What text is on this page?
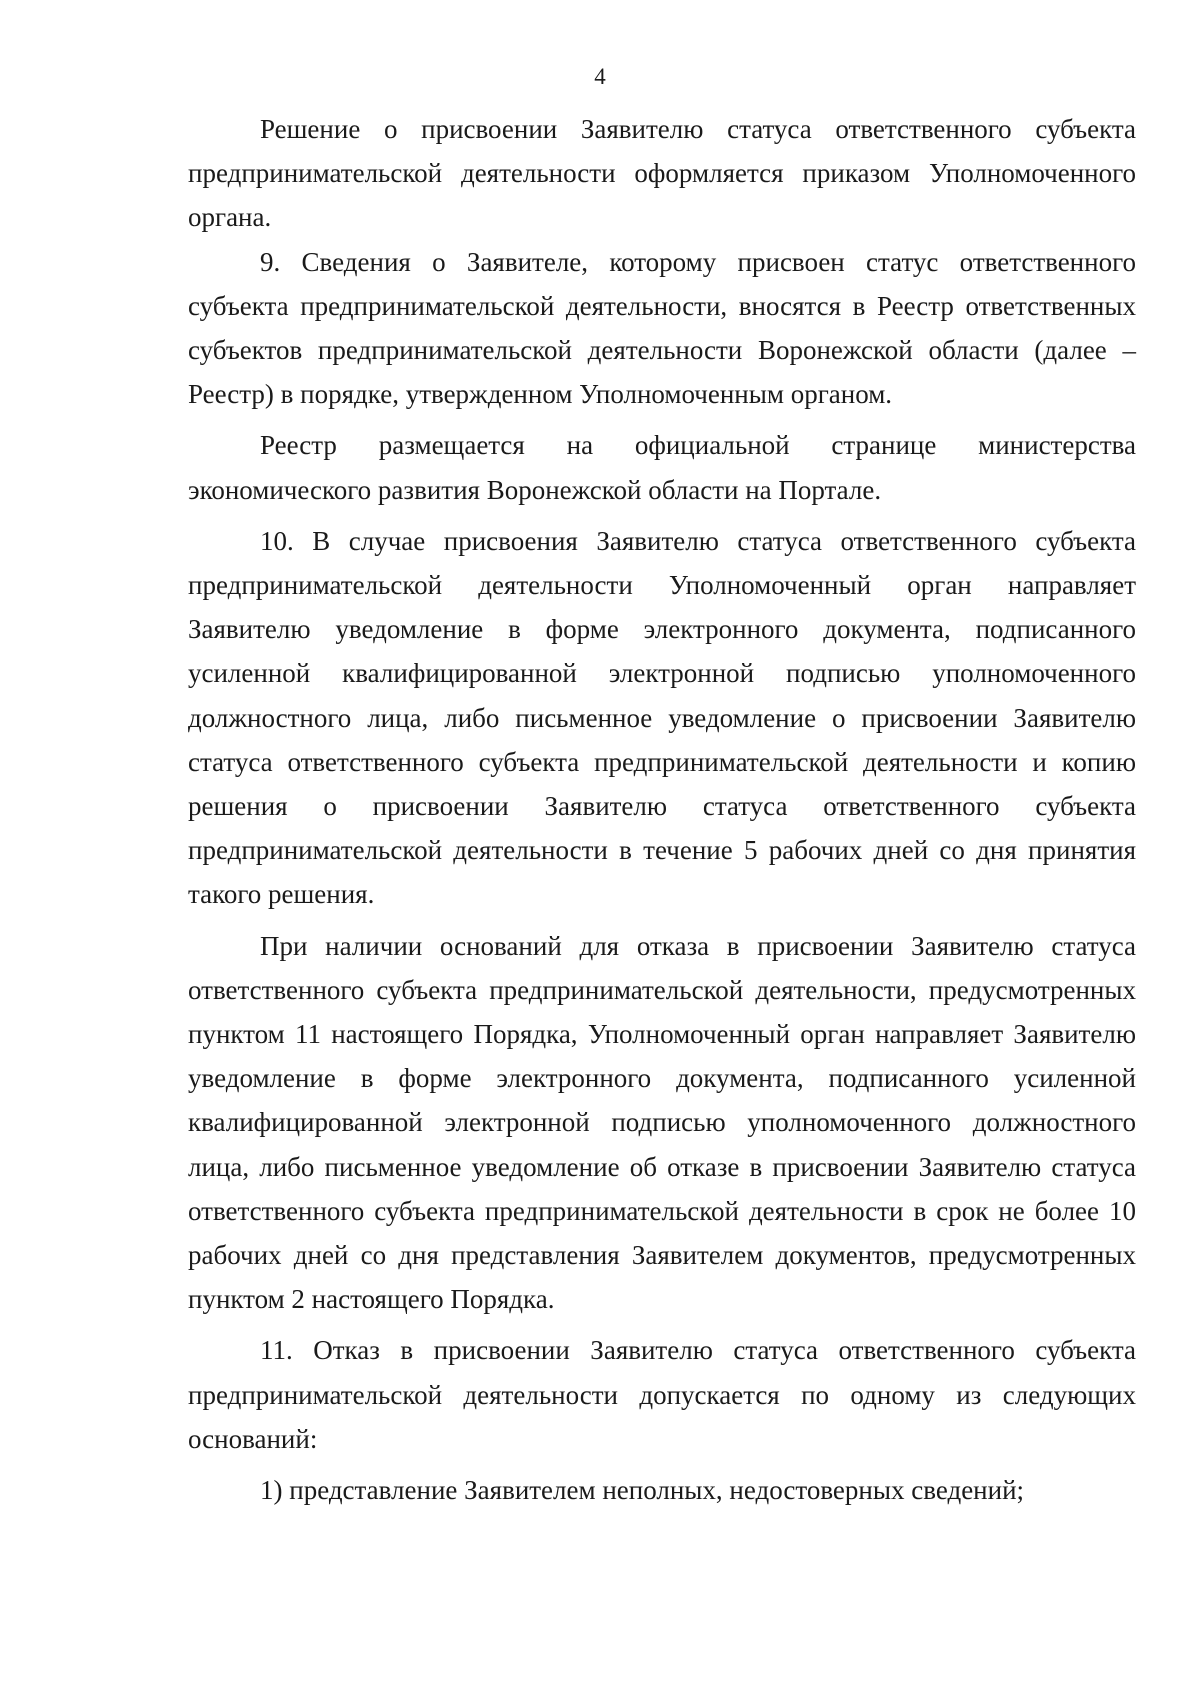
4

Решение о присвоении Заявителю статуса ответственного субъекта предпринимательской деятельности оформляется приказом Уполномоченного органа.

9. Сведения о Заявителе, которому присвоен статус ответственного субъекта предпринимательской деятельности, вносятся в Реестр ответственных субъектов предпринимательской деятельности Воронежской области (далее – Реестр) в порядке, утвержденном Уполномоченным органом.

Реестр размещается на официальной странице министерства экономического развития Воронежской области на Портале.

10. В случае присвоения Заявителю статуса ответственного субъекта предпринимательской деятельности Уполномоченный орган направляет Заявителю уведомление в форме электронного документа, подписанного усиленной квалифицированной электронной подписью уполномоченного должностного лица, либо письменное уведомление о присвоении Заявителю статуса ответственного субъекта предпринимательской деятельности и копию решения о присвоении Заявителю статуса ответственного субъекта предпринимательской деятельности в течение 5 рабочих дней со дня принятия такого решения.

При наличии оснований для отказа в присвоении Заявителю статуса ответственного субъекта предпринимательской деятельности, предусмотренных пунктом 11 настоящего Порядка, Уполномоченный орган направляет Заявителю уведомление в форме электронного документа, подписанного усиленной квалифицированной электронной подписью уполномоченного должностного лица, либо письменное уведомление об отказе в присвоении Заявителю статуса ответственного субъекта предпринимательской деятельности в срок не более 10 рабочих дней со дня представления Заявителем документов, предусмотренных пунктом 2 настоящего Порядка.

11. Отказ в присвоении Заявителю статуса ответственного субъекта предпринимательской деятельности допускается по одному из следующих оснований:

1) представление Заявителем неполных, недостоверных сведений;
